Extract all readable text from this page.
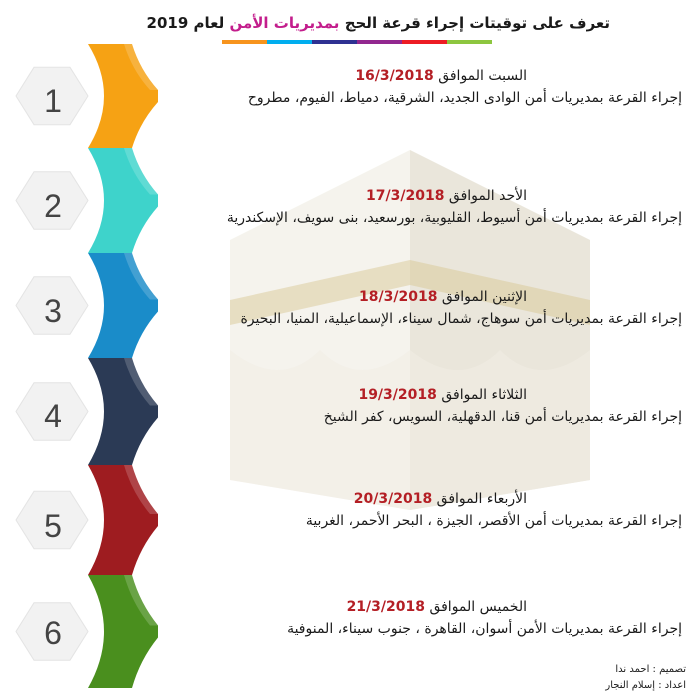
تعرف على توقيتات إجراء قرعة الحج بمديريات الأمن لعام 2019
1
2
3
4
5
6
السبت الموافق 16/3/2018
إجراء القرعة بمديريات أمن الوادى الجديد، الشرقية، دمياط، الفيوم، مطروح
الأحد الموافق 17/3/2018
إجراء القرعة بمديريات أمن أسيوط، القليوبية، بورسعيد، بنى سويف، الإسكندرية
الإثنين الموافق 18/3/2018
إجراء القرعة بمديريات أمن سوهاج، شمال سيناء، الإسماعيلية، المنيا، البحيرة
الثلاثاء الموافق 19/3/2018
إجراء القرعة بمديريات أمن قنا، الدقهلية، السويس، كفر الشيخ
الأربعاء الموافق 20/3/2018
إجراء القرعة بمديريات أمن الأقصر، الجيزة ، البحر الأحمر، الغربية
الخميس الموافق 21/3/2018
إجراء القرعة بمديريات الأمن أسوان، القاهرة ، جنوب سيناء، المنوفية
تصميم : احمد ندا
اعداد : إسلام النجار
